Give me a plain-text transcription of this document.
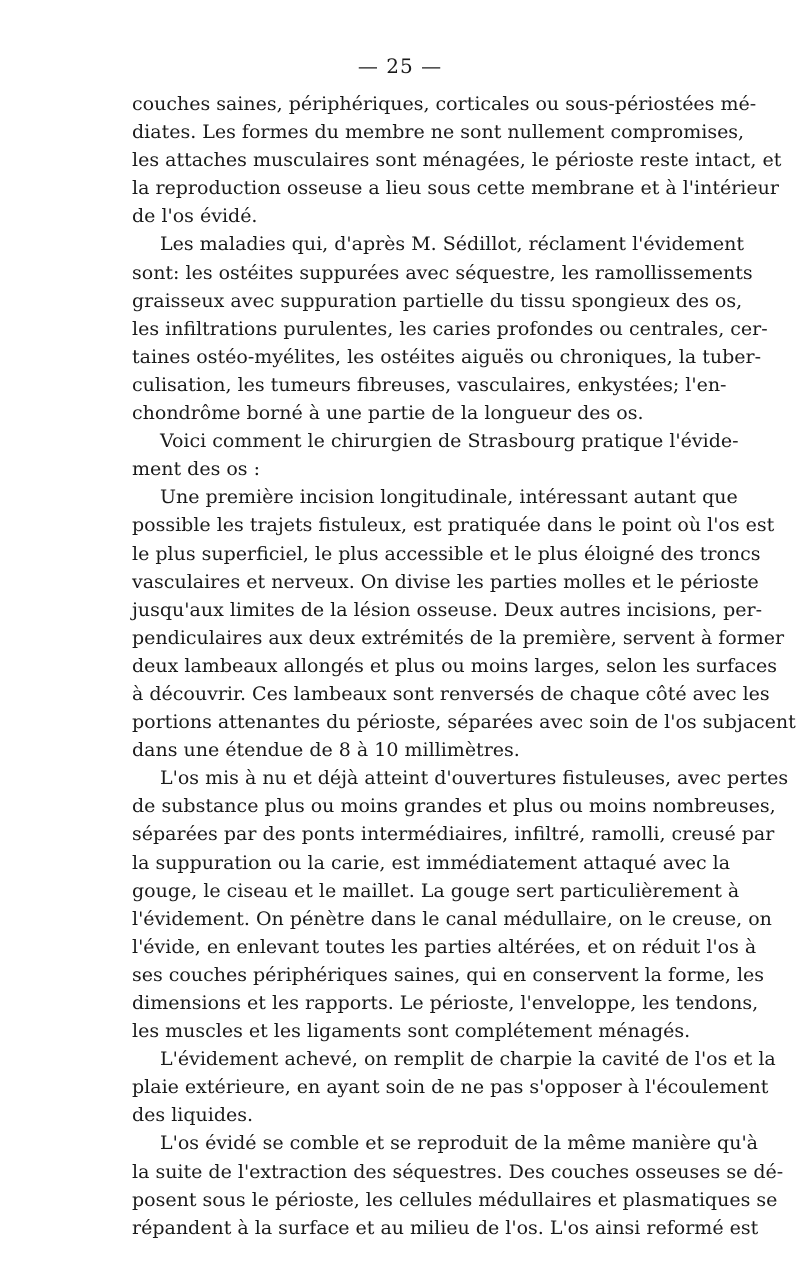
— 25 —
couches saines, périphériques, corticales ou sous-périostées mé-
diates. Les formes du membre ne sont nullement compromises,
les attaches musculaires sont ménagées, le périoste reste intact, et
la reproduction osseuse a lieu sous cette membrane et à l'intérieur
de l'os évidé.
Les maladies qui, d'après M. Sédillot, réclament l'évidement
sont: les ostéites suppurées avec séquestre, les ramollissements
graisseux avec suppuration partielle du tissu spongieux des os,
les infiltrations purulentes, les caries profondes ou centrales, cer-
taines ostéo-myélites, les ostéites aiguës ou chroniques, la tuber-
culisation, les tumeurs fibreuses, vasculaires, enkystées; l'en-
chondrôme borné à une partie de la longueur des os.
Voici comment le chirurgien de Strasbourg pratique l'évide-
ment des os :
Une première incision longitudinale, intéressant autant que
possible les trajets fistuleux, est pratiquée dans le point où l'os est
le plus superficiel, le plus accessible et le plus éloigné des troncs
vasculaires et nerveux. On divise les parties molles et le périoste
jusqu'aux limites de la lésion osseuse. Deux autres incisions, per-
pendiculaires aux deux extrémités de la première, servent à former
deux lambeaux allongés et plus ou moins larges, selon les surfaces
à découvrir. Ces lambeaux sont renversés de chaque côté avec les
portions attenantes du périoste, séparées avec soin de l'os subjacent
dans une étendue de 8 à 10 millimètres.
L'os mis à nu et déjà atteint d'ouvertures fistuleuses, avec pertes
de substance plus ou moins grandes et plus ou moins nombreuses,
séparées par des ponts intermédiaires, infiltré, ramolli, creusé par
la suppuration ou la carie, est immédiatement attaqué avec la
gouge, le ciseau et le maillet. La gouge sert particulièrement à
l'évidement. On pénètre dans le canal médullaire, on le creuse, on
l'évide, en enlevant toutes les parties altérées, et on réduit l'os à
ses couches périphériques saines, qui en conservent la forme, les
dimensions et les rapports. Le périoste, l'enveloppe, les tendons,
les muscles et les ligaments sont complétement ménagés.
L'évidement achevé, on remplit de charpie la cavité de l'os et la
plaie extérieure, en ayant soin de ne pas s'opposer à l'écoulement
des liquides.
L'os évidé se comble et se reproduit de la même manière qu'à
la suite de l'extraction des séquestres. Des couches osseuses se dé-
posent sous le périoste, les cellules médullaires et plasmatiques se
répandent à la surface et au milieu de l'os. L'os ainsi reformé est
